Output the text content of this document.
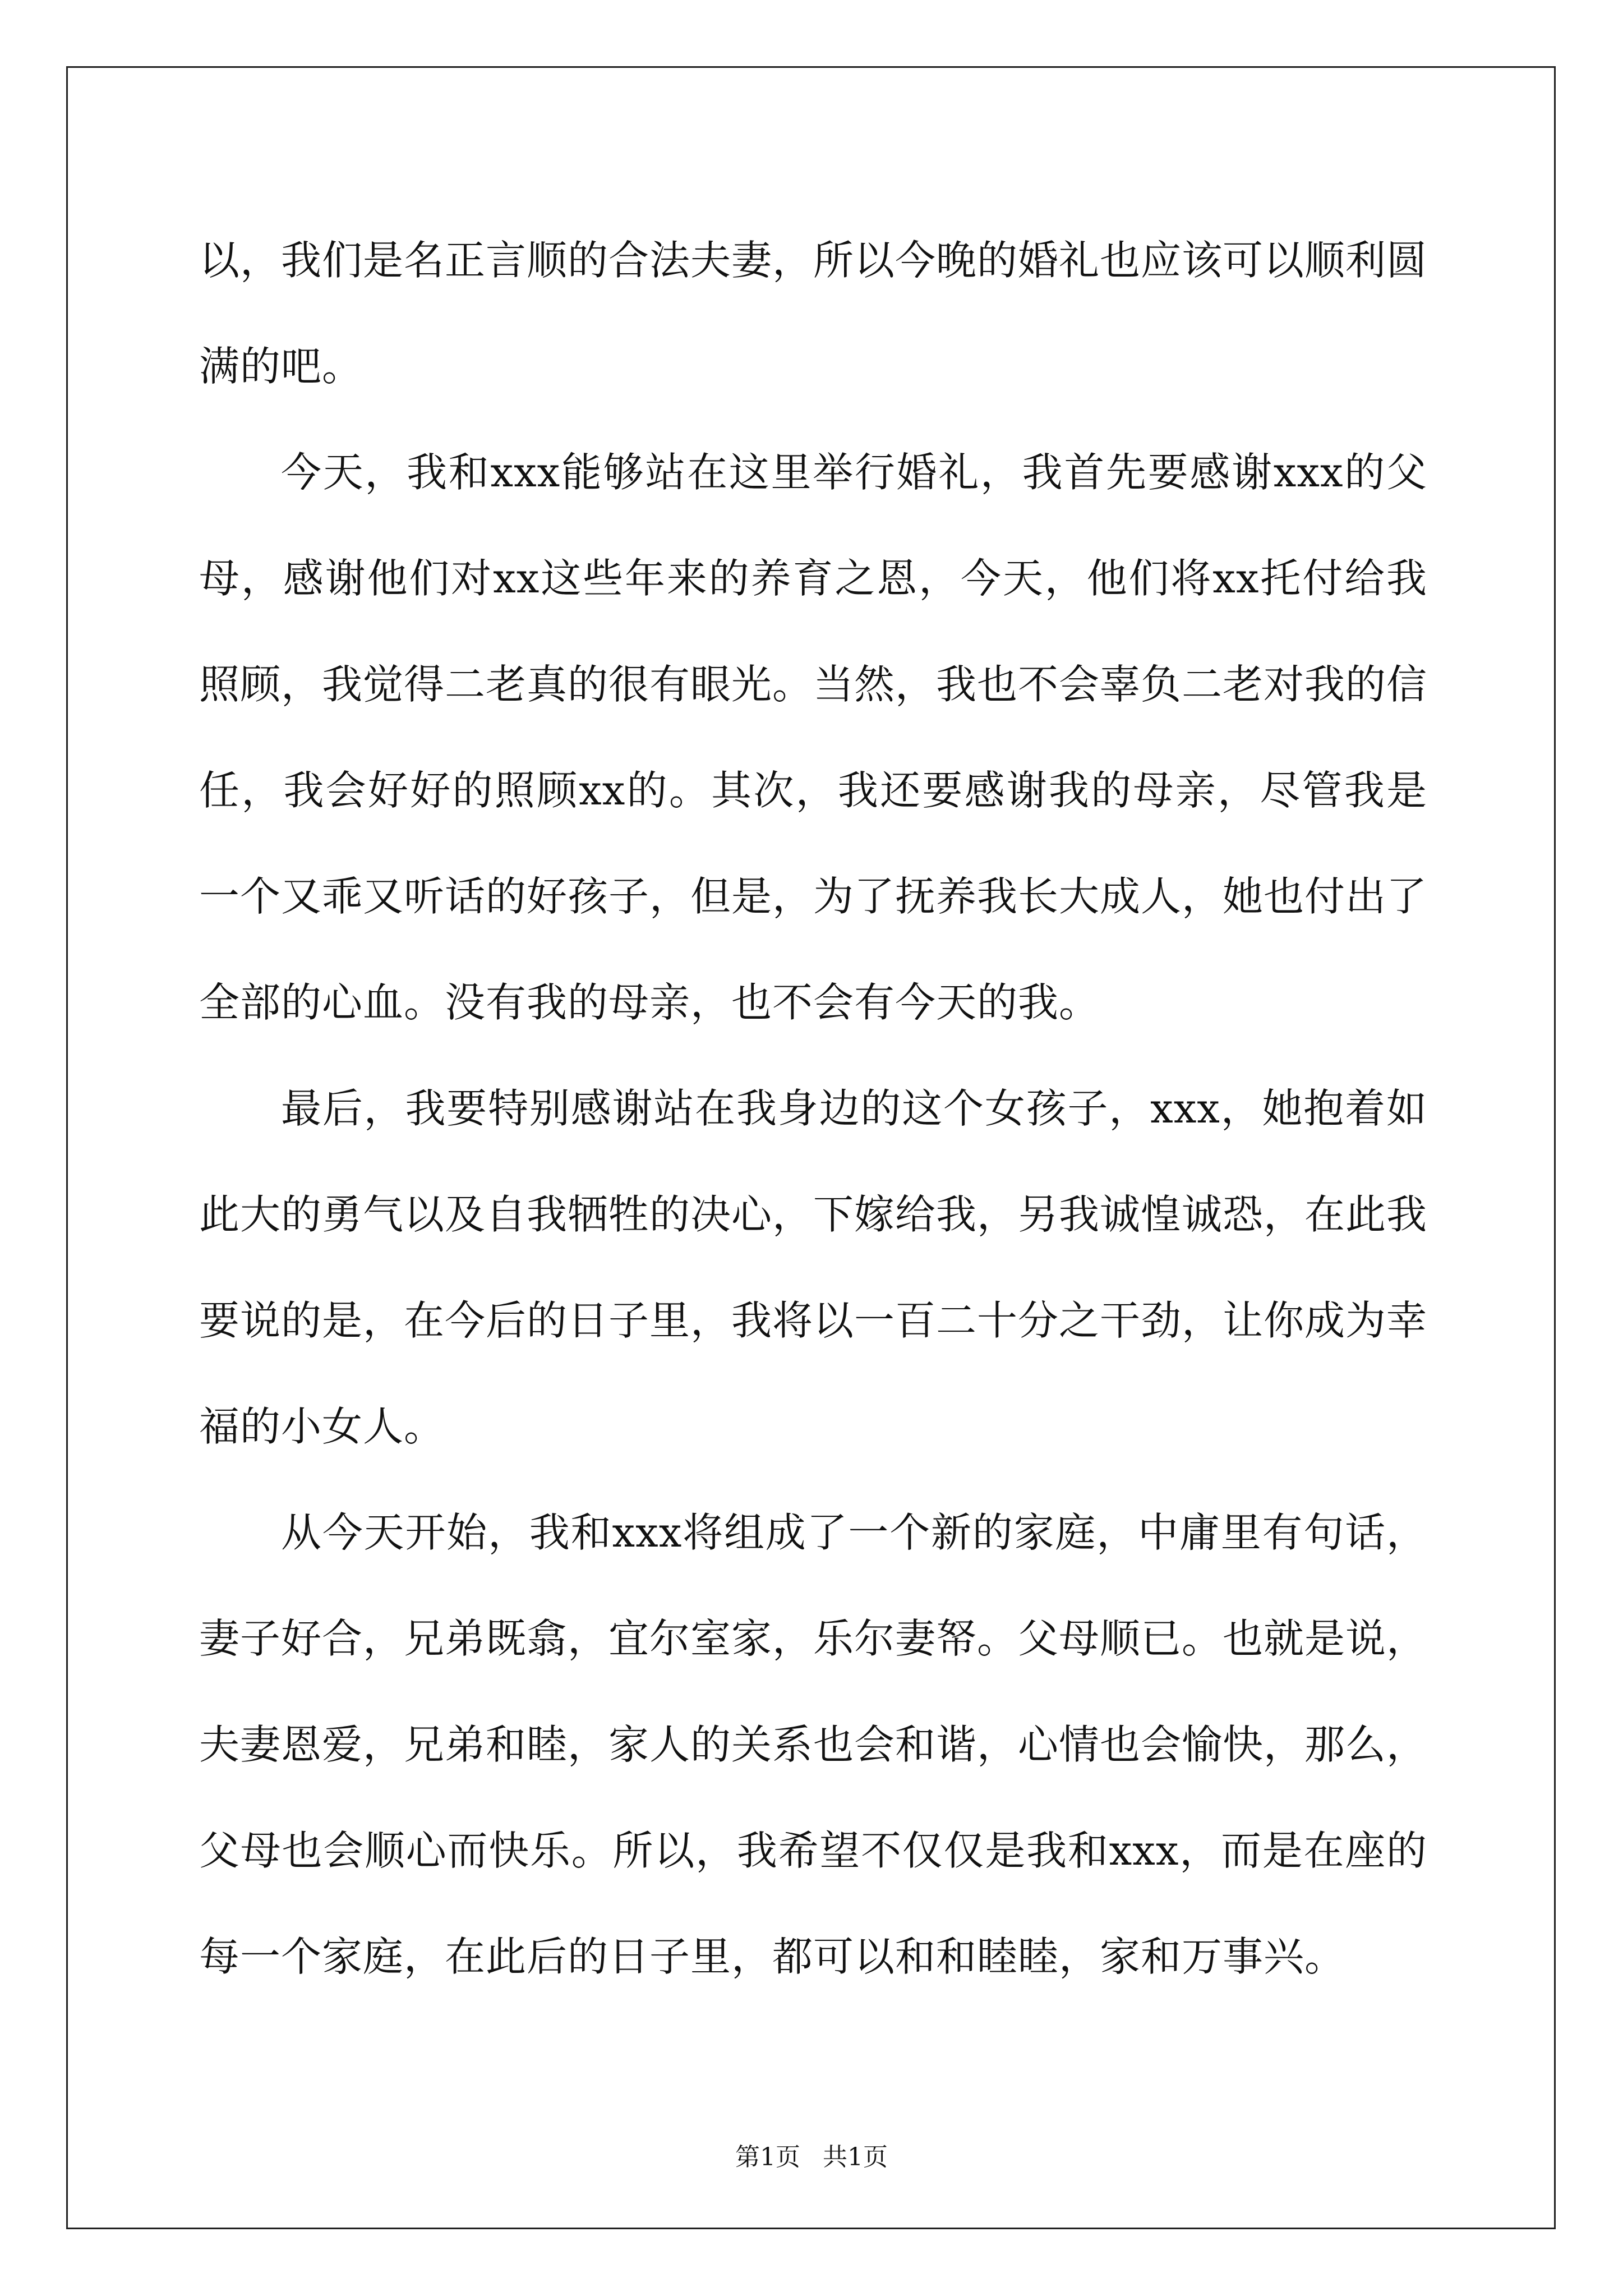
以，我们是名正言顺的合法夫妻，所以今晚的婚礼也应该可以顺利圆满的吧。

今天，我和xxx能够站在这里举行婚礼，我首先要感谢xxx的父母，感谢他们对xx这些年来的养育之恩，今天，他们将xx托付给我照顾，我觉得二老真的很有眼光。当然，我也不会辜负二老对我的信任，我会好好的照顾xx的。其次，我还要感谢我的母亲，尽管我是一个又乖又听话的好孩子，但是，为了抚养我长大成人，她也付出了全部的心血。没有我的母亲，也不会有今天的我。

最后，我要特别感谢站在我身边的这个女孩子，xxx，她抱着如此大的勇气以及自我牺牲的决心，下嫁给我，另我诚惶诚恐，在此我要说的是，在今后的日子里，我将以一百二十分之干劲，让你成为幸福的小女人。

从今天开始，我和xxx将组成了一个新的家庭，中庸里有句话，妻子好合，兄弟既翕，宜尔室家，乐尔妻帑。父母顺已。也就是说，夫妻恩爱，兄弟和睦，家人的关系也会和谐，心情也会愉快，那么，父母也会顺心而快乐。所以，我希望不仅仅是我和xxx，而是在座的每一个家庭，在此后的日子里，都可以和和睦睦，家和万事兴。

第1页 共1页
